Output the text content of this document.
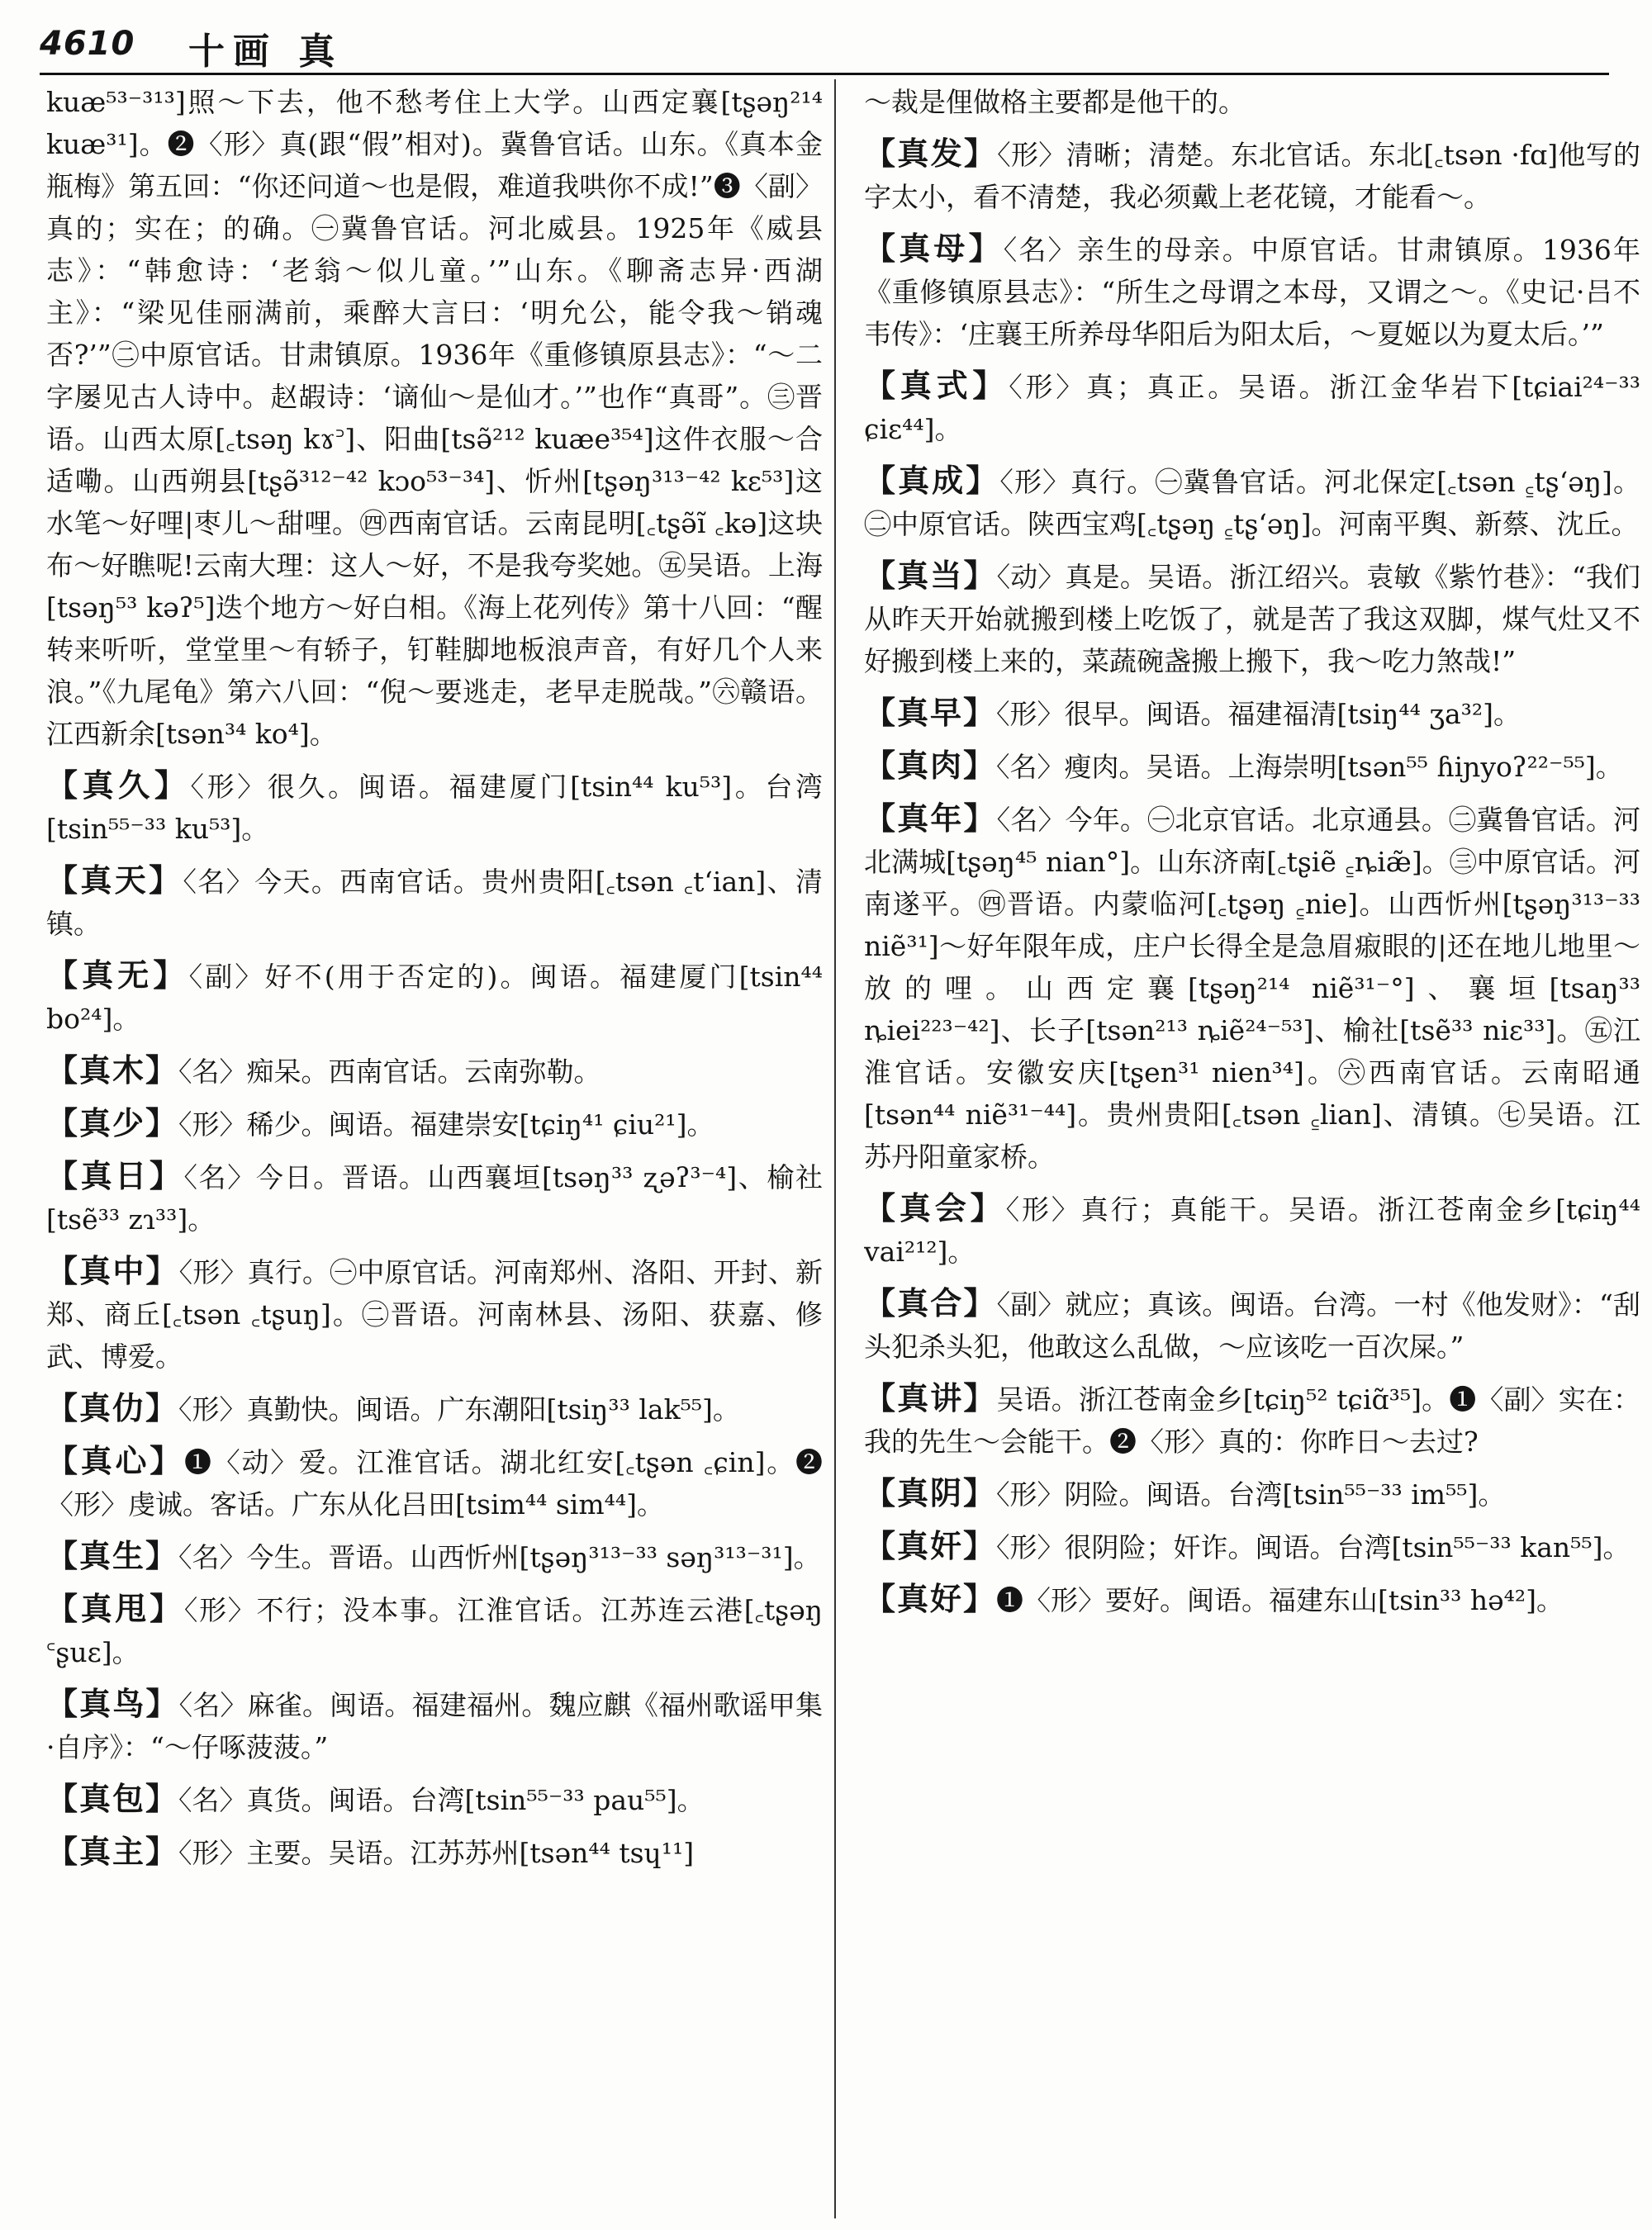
4610 十画 真
kuæ⁵³⁻³¹³]照～下去，他不愁考住上大学。山西定襄[tʂəŋ²¹⁴ kuæ³¹]。❷〈形〉真(跟“假”相对)。冀鲁官话。山东。《真本金瓶梅》第五回：“你还问道～也是假，难道我哄你不成!”❸〈副〉真的；实在；的确。㊀冀鲁官话。河北威县。1925年《威县志》：“韩愈诗：‘老翁～似儿童。’”山东。《聊斋志异·西湖主》：“梁见佳丽满前，乘醉大言曰：‘明允公，能令我～销魂否?’”㊁中原官话。甘肃镇原。1936年《重修镇原县志》：“～二字屡见古人诗中。赵嘏诗：‘谪仙～是仙才。’”也作“真哥”。㊂晋语。山西太原[꜀tsəŋ kɤ꜄]、阳曲[tsə̃²¹² kuæe³⁵⁴]这件衣服～合适嘞。山西朔县[tʂə̃³¹²⁻⁴² kɔo⁵³⁻³⁴]、忻州[tʂəŋ³¹³⁻⁴² kɛ⁵³]这水笔～好哩|枣儿～甜哩。㊃西南官话。云南昆明[꜀tʂə̃ĩ ꜀kə]这块布～好瞧呢!云南大理：这人～好，不是我夸奖她。㊄吴语。上海[tsəŋ⁵³ kəʔ⁵]迭个地方～好白相。《海上花列传》第十八回：“醒转来听听，堂堂里～有轿子，钉鞋脚地板浪声音，有好几个人来浪。”《九尾龟》第六八回：“倪～要逃走，老早走脱哉。”㊅赣语。江西新余[tsən³⁴ ko⁴]。
【真久】〈形〉很久。闽语。福建厦门[tsin⁴⁴ ku⁵³]。台湾[tsin⁵⁵⁻³³ ku⁵³]。
【真天】〈名〉今天。西南官话。贵州贵阳[꜀tsən ꜀tʻian]、清镇。
【真无】〈副〉好不(用于否定的)。闽语。福建厦门[tsin⁴⁴ bo²⁴]。
【真木】〈名〉痴呆。西南官话。云南弥勒。
【真少】〈形〉稀少。闽语。福建崇安[tɕiŋ⁴¹ ɕiu²¹]。
【真日】〈名〉今日。晋语。山西襄垣[tsəŋ³³ ʐəʔ³⁻⁴]、榆社[tsẽ³³ zɿ³³]。
【真中】〈形〉真行。㊀中原官话。河南郑州、洛阳、开封、新郑、商丘[꜀tsən ꜀tʂuŋ]。㊁晋语。河南林县、汤阳、获嘉、修武、博爱。
【真仂】〈形〉真勤快。闽语。广东潮阳[tsiŋ³³ lak⁵⁵]。
【真心】❶〈动〉爱。江淮官话。湖北红安[꜀tʂən ꜀ɕin]。❷〈形〉虔诚。客话。广东从化吕田[tsim⁴⁴ sim⁴⁴]。
【真生】〈名〉今生。晋语。山西忻州[tʂəŋ³¹³⁻³³ səŋ³¹³⁻³¹]。
【真甩】〈形〉不行；没本事。江淮官话。江苏连云港[꜀tʂəŋ ꜂ʂuɛ]。
【真鸟】〈名〉麻雀。闽语。福建福州。魏应麒《福州歌谣甲集·自序》：“～仔啄菠菠。”
【真包】〈名〉真货。闽语。台湾[tsin⁵⁵⁻³³ pau⁵⁵]。
【真主】〈形〉主要。吴语。江苏苏州[tsən⁴⁴ tsɥ¹¹]
～裁是俚做格主要都是他干的。
【真发】〈形〉清晰；清楚。东北官话。东北[꜀tsən ·fɑ]他写的字太小，看不清楚，我必须戴上老花镜，才能看～。
【真母】〈名〉亲生的母亲。中原官话。甘肃镇原。1936年《重修镇原县志》：“所生之母谓之本母，又谓之～。《史记·吕不韦传》：‘庄襄王所养母华阳后为阳太后，～夏姬以为夏太后。’”
【真式】〈形〉真；真正。吴语。浙江金华岩下[tɕiai²⁴⁻³³ ɕiɛ⁴⁴]。
【真成】〈形〉真行。㊀冀鲁官话。河北保定[꜀tsən ꜁tʂʻəŋ]。㊁中原官话。陕西宝鸡[꜀tʂəŋ ꜁tʂʻəŋ]。河南平舆、新蔡、沈丘。
【真当】〈动〉真是。吴语。浙江绍兴。袁敏《紫竹巷》：“我们从昨天开始就搬到楼上吃饭了，就是苦了我这双脚，煤气灶又不好搬到楼上来的，菜蔬碗盏搬上搬下，我～吃力煞哉!”
【真早】〈形〉很早。闽语。福建福清[tsiŋ⁴⁴ ʒa³²]。
【真肉】〈名〉瘦肉。吴语。上海崇明[tsən⁵⁵ ɦiɲyoʔ²²⁻⁵⁵]。
【真年】〈名〉今年。㊀北京官话。北京通县。㊁冀鲁官话。河北满城[tʂəŋ⁴⁵ nian°]。山东济南[꜀tʂiẽ ꜁ȵiæ̃]。㊂中原官话。河南遂平。㊃晋语。内蒙临河[꜀tʂəŋ ꜁nie]。山西忻州[tʂəŋ³¹³⁻³³ niẽ³¹]～好年限年成，庄户长得全是急眉㾥眼的|还在地儿地里～放的哩。山西定襄[tʂəŋ²¹⁴ niẽ³¹⁻°]、襄垣[tsaŋ³³ ȵiei²²³⁻⁴²]、长子[tsən²¹³ ȵiẽ²⁴⁻⁵³]、榆社[tsẽ³³ niɛ³³]。㊄江淮官话。安徽安庆[tʂen³¹ nien³⁴]。㊅西南官话。云南昭通[tsən⁴⁴ niẽ³¹⁻⁴⁴]。贵州贵阳[꜀tsən ꜁lian]、清镇。㊆吴语。江苏丹阳童家桥。
【真会】〈形〉真行；真能干。吴语。浙江苍南金乡[tɕiŋ⁴⁴ vai²¹²]。
【真合】〈副〉就应；真该。闽语。台湾。一村《他发财》：“刮头犯杀头犯，他敢这么乱做，～应该吃一百次屎。”
【真讲】吴语。浙江苍南金乡[tɕiŋ⁵² tɕiɑ̃³⁵]。❶〈副〉实在：我的先生～会能干。❷〈形〉真的：你昨日～去过?
【真阴】〈形〉阴险。闽语。台湾[tsin⁵⁵⁻³³ im⁵⁵]。
【真奸】〈形〉很阴险；奸诈。闽语。台湾[tsin⁵⁵⁻³³ kan⁵⁵]。
【真好】❶〈形〉要好。闽语。福建东山[tsin³³ hə⁴²]。
